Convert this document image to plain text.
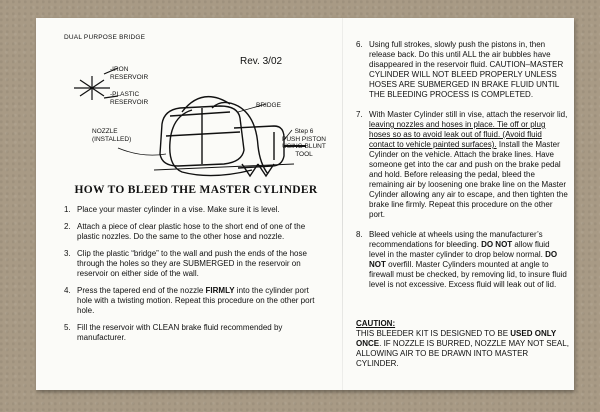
DUAL PURPOSE BRIDGE
Rev. 3/02
-IRON
RESERVOIR
-PLASTIC
RESERVOIR	BRIDGE
NOZZLE
(INSTALLED)
Step 6
PUSH PISTON
USING BLUNT TOOL
HOW TO BLEED THE MASTER CYLINDER
1. Place your master cylinder in a vise. Make sure it is level.
2. Attach a piece of clear plastic hose to the short end of one of the plastic nozzles. Do the same to the other hose and nozzle.
3. Clip the plastic “bridge” to the wall and push the ends of the hose through the holes so they are SUBMERGED in the reservoir on reservoir on either side of the wall.
4. Press the tapered end of the nozzle FIRMLY into the cylinder port hole with a twisting motion. Repeat this procedure on the other port hole.
5. Fill the reservoir with CLEAN brake fluid recommended by manufacturer.
6. Using full strokes, slowly push the pistons in, then release back. Do this until ALL the air bubbles have disappeared in the reservoir fluid. CAUTION–MASTER CYLINDER WILL NOT BLEED PROPERLY UNLESS HOSES ARE SUBMERGED IN BRAKE FLUID UNTIL THE BLEEDING PROCESS IS COMPLETED.
7. With Master Cylinder still in vise, attach the reservoir lid, leaving nozzles and hoses in place. Tie off or plug hoses so as to avoid leak out of fluid. (Avoid fluid contact to vehicle painted surfaces). Install the Master Cylinder on the vehicle. Attach the brake lines. Have someone get into the car and push on the brake pedal and hold. Before releasing the pedal, bleed the remaining air by loosening one brake line on the Master Cylinder allowing any air to escape, and then tighten the brake line firmly. Repeat this procedure on the other port.
8. Bleed vehicle at wheels using the manufacturer’s recommendations for bleeding. DO NOT allow fluid level in the master cylinder to drop below normal. DO NOT overfill. Master Cylinders mounted at angle to firewall must be checked, by removing lid, to insure fluid level is not excessive. Excess fluid will leak out of lid.
CAUTION:
THIS BLEEDER KIT IS DESIGNED TO BE USED ONLY ONCE. IF NOZZLE IS BURRED, NOZZLE MAY NOT SEAL, ALLOWING AIR TO BE DRAWN INTO MASTER CYLINDER.
